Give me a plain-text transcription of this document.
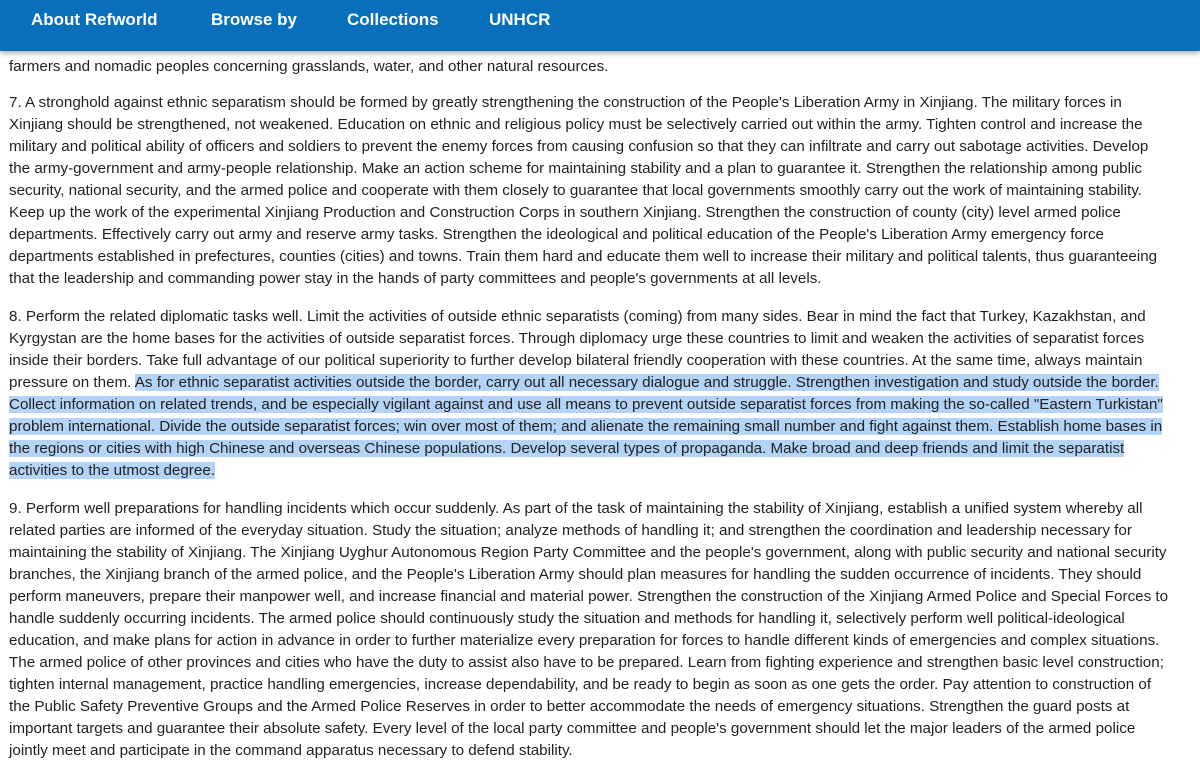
About Refworld	Browse by	Collections	UNHCR
farmers and nomadic peoples concerning grasslands, water, and other natural resources.
7. A stronghold against ethnic separatism should be formed by greatly strengthening the construction of the People's Liberation Army in Xinjiang. The military forces in
Xinjiang should be strengthened, not weakened. Education on ethnic and religious policy must be selectively carried out within the army. Tighten control and increase the
military and political ability of officers and soldiers to prevent the enemy forces from causing confusion so that they can infiltrate and carry out sabotage activities. Develop
the army-government and army-people relationship. Make an action scheme for maintaining stability and a plan to guarantee it. Strengthen the relationship among public
security, national security, and the armed police and cooperate with them closely to guarantee that local governments smoothly carry out the work of maintaining stability.
Keep up the work of the experimental Xinjiang Production and Construction Corps in southern Xinjiang. Strengthen the construction of county (city) level armed police
departments. Effectively carry out army and reserve army tasks. Strengthen the ideological and political education of the People's Liberation Army emergency force
departments established in prefectures, counties (cities) and towns. Train them hard and educate them well to increase their military and political talents, thus guaranteeing
that the leadership and commanding power stay in the hands of party committees and people's governments at all levels.
8. Perform the related diplomatic tasks well. Limit the activities of outside ethnic separatists (coming) from many sides. Bear in mind the fact that Turkey, Kazakhstan, and
Kyrgystan are the home bases for the activities of outside separatist forces. Through diplomacy urge these countries to limit and weaken the activities of separatist forces
inside their borders. Take full advantage of our political superiority to further develop bilateral friendly cooperation with these countries. At the same time, always maintain
pressure on them. As for ethnic separatist activities outside the border, carry out all necessary dialogue and struggle. Strengthen investigation and study outside the border.
Collect information on related trends, and be especially vigilant against and use all means to prevent outside separatist forces from making the so-called "Eastern Turkistan"
problem international. Divide the outside separatist forces; win over most of them; and alienate the remaining small number and fight against them. Establish home bases in
the regions or cities with high Chinese and overseas Chinese populations. Develop several types of propaganda. Make broad and deep friends and limit the separatist
activities to the utmost degree.
9. Perform well preparations for handling incidents which occur suddenly. As part of the task of maintaining the stability of Xinjiang, establish a unified system whereby all
related parties are informed of the everyday situation. Study the situation; analyze methods of handling it; and strengthen the coordination and leadership necessary for
maintaining the stability of Xinjiang. The Xinjiang Uyghur Autonomous Region Party Committee and the people's government, along with public security and national security
branches, the Xinjiang branch of the armed police, and the People's Liberation Army should plan measures for handling the sudden occurrence of incidents. They should
perform maneuvers, prepare their manpower well, and increase financial and material power. Strengthen the construction of the Xinjiang Armed Police and Special Forces to
handle suddenly occurring incidents. The armed police should continuously study the situation and methods for handling it, selectively perform well political-ideological
education, and make plans for action in advance in order to further materialize every preparation for forces to handle different kinds of emergencies and complex situations.
The armed police of other provinces and cities who have the duty to assist also have to be prepared. Learn from fighting experience and strengthen basic level construction;
tighten internal management, practice handling emergencies, increase dependability, and be ready to begin as soon as one gets the order. Pay attention to construction of
the Public Safety Preventive Groups and the Armed Police Reserves in order to better accommodate the needs of emergency situations. Strengthen the guard posts at
important targets and guarantee their absolute safety. Every level of the local party committee and people's government should let the major leaders of the armed police
jointly meet and participate in the command apparatus necessary to defend stability.
